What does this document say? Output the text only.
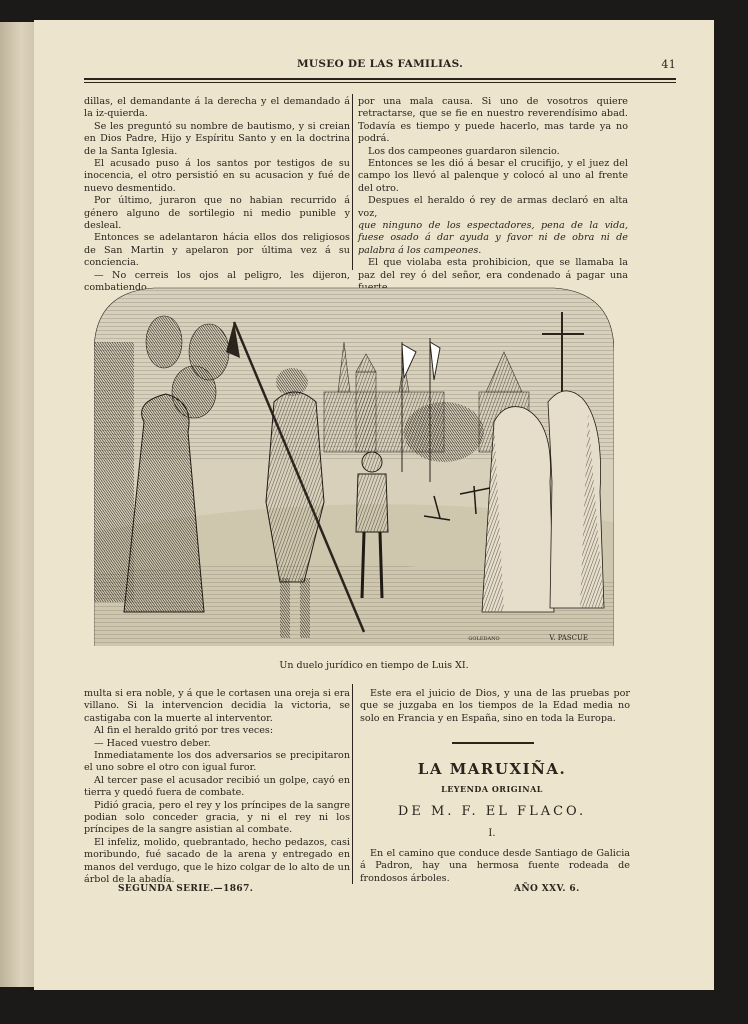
MUSEO DE LAS FAMILIAS.	41

dillas, el demandante á la derecha y el demandado á la iz-quierda.

Se les preguntó su nombre de bautismo, y si creian en Dios Padre, Hijo y Espíritu Santo y en la doctrina de la Santa Iglesia.

El acusado puso á los santos por testigos de su inocencia, el otro persistió en su acusacion y fué de nuevo desmentido.

Por último, juraron que no habian recurrido á género alguno de sortilegio ni medio punible y desleal.

Entonces se adelantaron hácia ellos dos religiosos de San Martin y apelaron por última vez á su conciencia.

— No cerreis los ojos al peligro, les dijeron, combatiendo

por una mala causa. Si uno de vosotros quiere retractarse, que se fie en nuestro reverendísimo abad. Todavía es tiempo y puede hacerlo, mas tarde ya no podrá.

Los dos campeones guardaron silencio.

Entonces se les dió á besar el crucifijo, y el juez del campo los llevó al palenque y colocó al uno al frente del otro.

Despues el heraldo ó rey de armas declaró en alta voz,

que ninguno de los espectadores, pena de la vida, fuese osado á dar ayuda y favor ni de obra ni de palabra á los campeones.

El que violaba esta prohibicion, que se llamaba la paz del rey ó del señor, era condenado á pagar una fuerte

V. PASCUE
GOLEDANO
Un duelo jurídico en tiempo de Luis XI.

multa si era noble, y á que le cortasen una oreja si era villano. Si la intervencion decidia la victoria, se castigaba con la muerte al interventor.

Al fin el heraldo gritó por tres veces:

— Haced vuestro deber.

Inmediatamente los dos adversarios se precipitaron el uno sobre el otro con igual furor.

Al tercer pase el acusador recibió un golpe, cayó en tierra y quedó fuera de combate.

Pidió gracia, pero el rey y los príncipes de la sangre podian solo conceder gracia, y ni el rey ni los príncipes de la sangre asistian al combate.

El infeliz, molido, quebrantado, hecho pedazos, casi moribundo, fué sacado de la arena y entregado en manos del verdugo, que le hizo colgar de lo alto de un árbol de la abadía.

Este era el juicio de Dios, y una de las pruebas por que se juzgaba en los tiempos de la Edad media no solo en Francia y en España, sino en toda la Europa.

LA MARUXIÑA.
LEYENDA ORIGINAL
DE M. F. EL FLACO.
I.

En el camino que conduce desde Santiago de Galicia á Padron, hay una hermosa fuente rodeada de frondosos árboles.

SEGUNDA SERIE.—1867.	AÑO XXV. 6.
